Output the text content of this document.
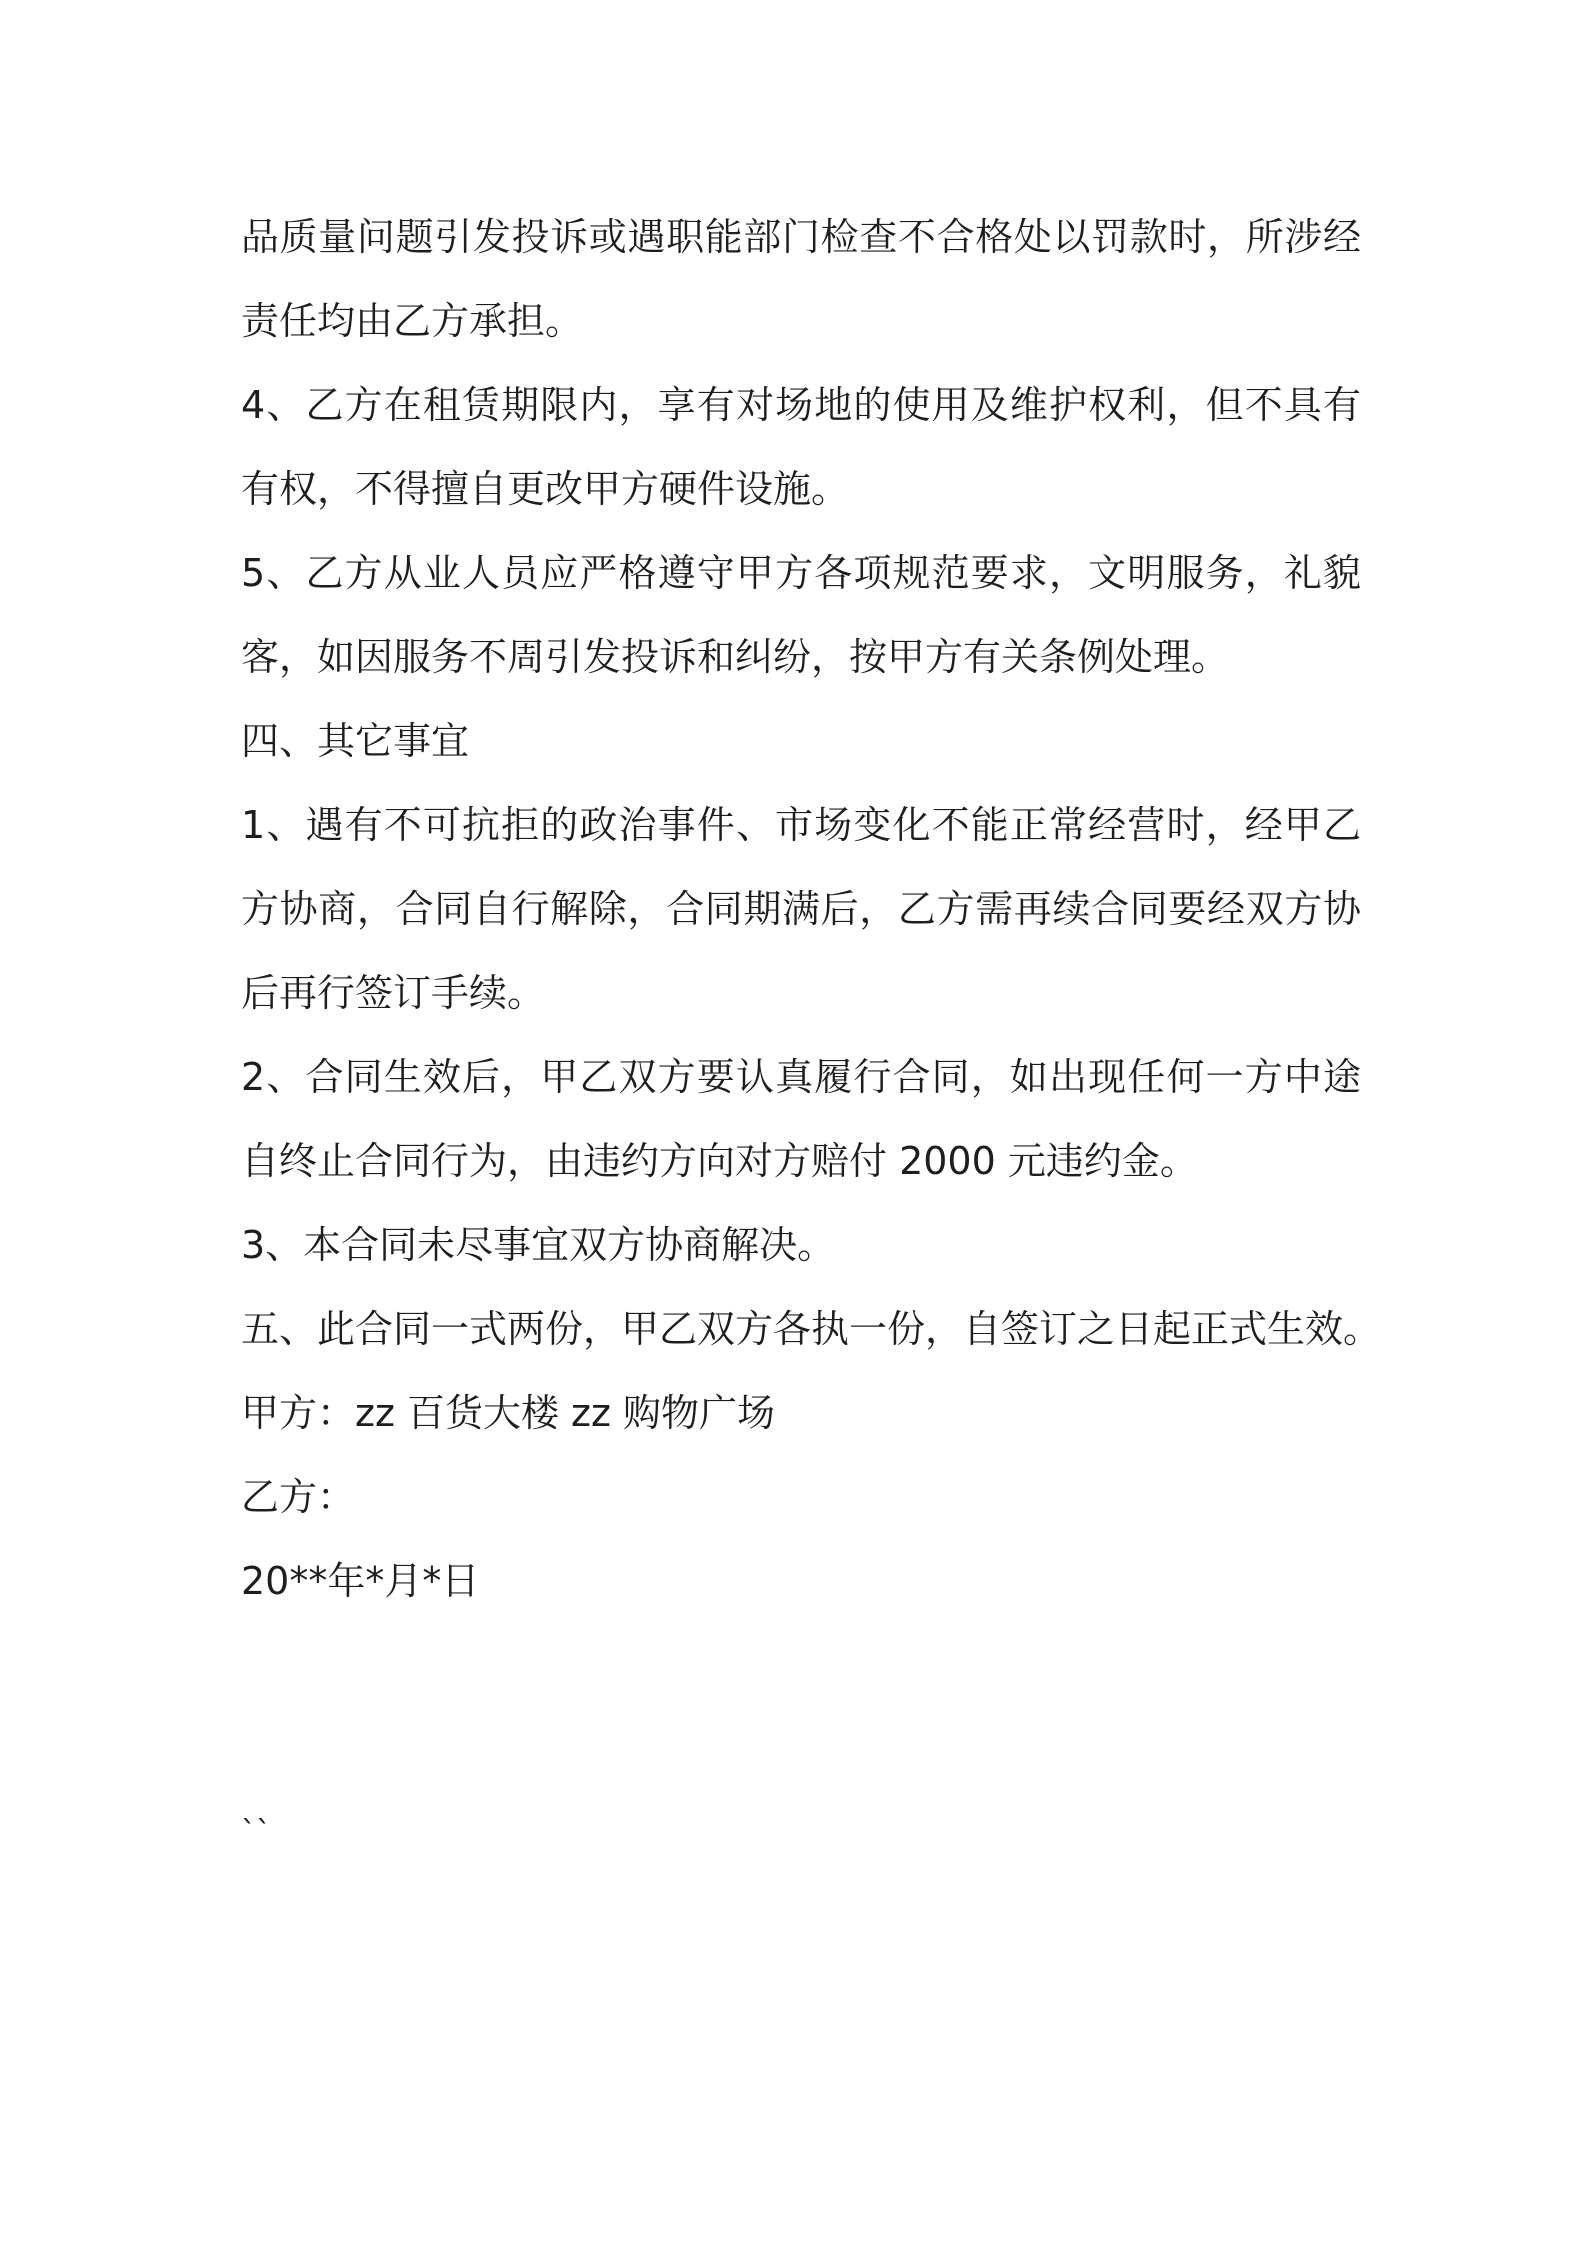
品质量问题引发投诉或遇职能部门检查不合格处以罚款时，所涉经
责任均由乙方承担。
4、乙方在租赁期限内，享有对场地的使用及维护权利，但不具有
有权，不得擅自更改甲方硬件设施。
5、乙方从业人员应严格遵守甲方各项规范要求，文明服务，礼貌
客，如因服务不周引发投诉和纠纷，按甲方有关条例处理。
四、其它事宜
1、遇有不可抗拒的政治事件、市场变化不能正常经营时，经甲乙
方协商，合同自行解除，合同期满后，乙方需再续合同要经双方协
后再行签订手续。
2、合同生效后，甲乙双方要认真履行合同，如出现任何一方中途
自终止合同行为，由违约方向对方赔付 2000 元违约金。
3、本合同未尽事宜双方协商解决。
五、此合同一式两份，甲乙双方各执一份，自签订之日起正式生效。
甲方：zz 百货大楼 zz 购物广场
乙方：
20**年*月*日
``
